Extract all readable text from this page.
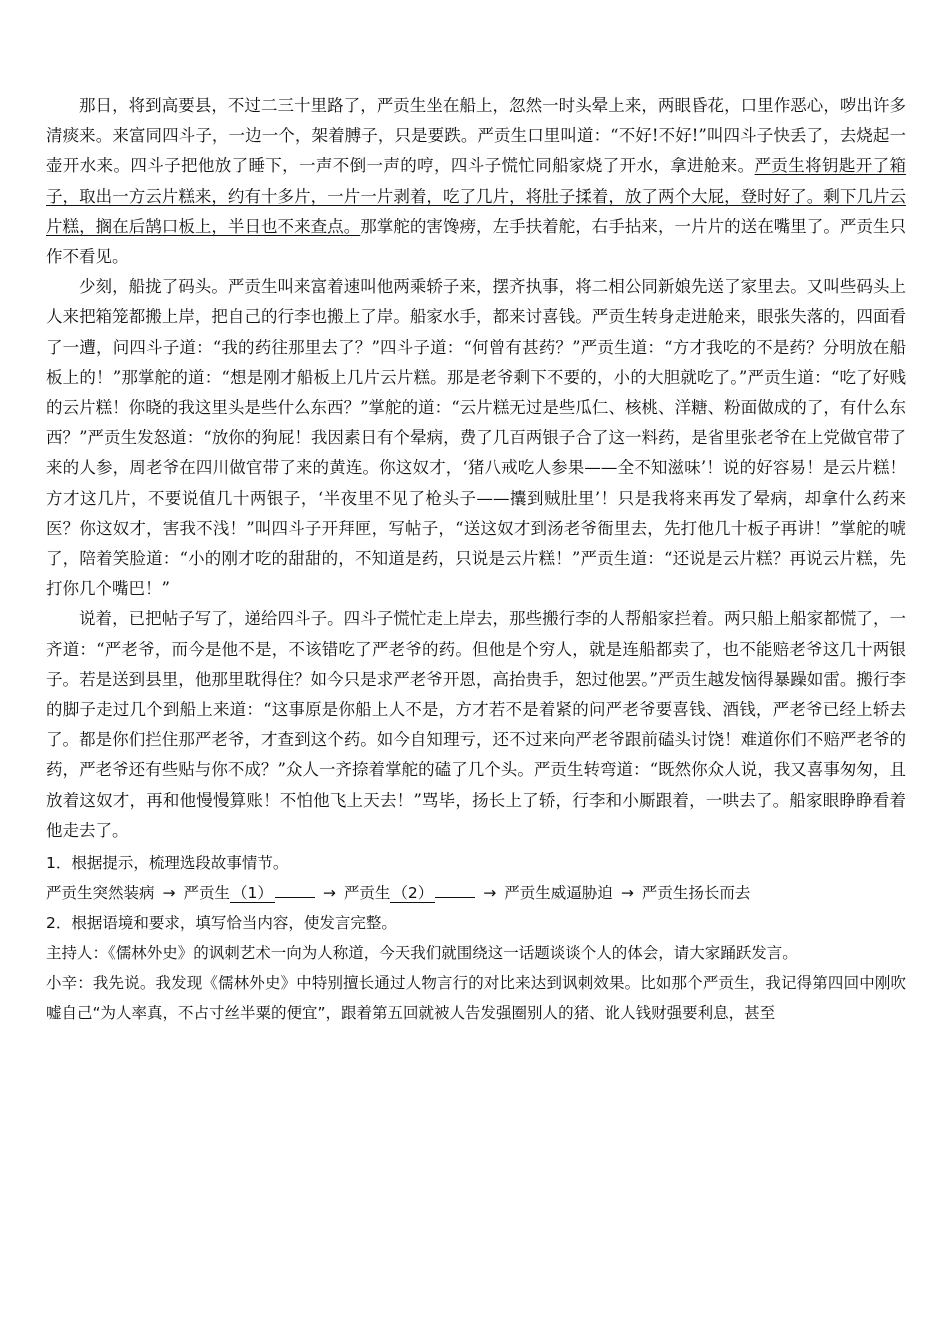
那日，将到高要县，不过二三十里路了，严贡生坐在船上，忽然一时头晕上来，两眼昏花，口里作恶心，哕出许多清痰来。来富同四斗子，一边一个，架着膊子，只是要跌。严贡生口里叫道：“不好!不好!”叫四斗子快丢了，去烧起一壶开水来。四斗子把他放了睡下，一声不倒一声的哼，四斗子慌忙同船家烧了开水，拿进舱来。严贡生将钥匙开了箱子，取出一方云片糕来，约有十多片，一片一片剥着，吃了几片，将肚子揉着，放了两个大屁，登时好了。剩下几片云片糕，搁在后鹄口板上，半日也不来查点。那掌舵的害馋痨，左手扶着舵，右手拈来，一片片的送在嘴里了。严贡生只作不看见。

少刻，船拢了码头。严贡生叫来富着速叫他两乘轿子来，摆齐执事，将二相公同新娘先送了家里去。又叫些码头上人来把箱笼都搬上岸，把自己的行李也搬上了岸。船家水手，都来讨喜钱。严贡生转身走进舱来，眼张失落的，四面看了一遭，问四斗子道：“我的药往那里去了？”四斗子道：“何曾有甚药？”严贡生道：“方才我吃的不是药？分明放在船板上的！”那掌舵的道：“想是刚才船板上几片云片糕。那是老爷剩下不要的，小的大胆就吃了。”严贡生道：“吃了好贱的云片糕！你晓的我这里头是些什么东西？”掌舵的道：“云片糕无过是些瓜仁、核桃、洋糖、粉面做成的了，有什么东西？”严贡生发怒道：“放你的狗屁！我因素日有个晕病，费了几百两银子合了这一料药，是省里张老爷在上党做官带了来的人参，周老爷在四川做官带了来的黄连。你这奴才，‘猪八戒吃人参果——全不知滋味’！说的好容易！是云片糕！方才这几片，不要说值几十两银子，‘半夜里不见了枪头子——攮到贼肚里’！只是我将来再发了晕病，却拿什么药来医？你这奴才，害我不浅！”叫四斗子开拜匣，写帖子，“送这奴才到汤老爷衙里去，先打他几十板子再讲！”掌舵的唬了，陪着笑脸道：“小的刚才吃的甜甜的，不知道是药，只说是云片糕！”严贡生道：“还说是云片糕？再说云片糕，先打你几个嘴巴！”

说着，已把帖子写了，递给四斗子。四斗子慌忙走上岸去，那些搬行李的人帮船家拦着。两只船上船家都慌了，一齐道：“严老爷，而今是他不是，不该错吃了严老爷的药。但他是个穷人，就是连船都卖了，也不能赔老爷这几十两银子。若是送到县里，他那里耽得住？如今只是求严老爷开恩，高抬贵手，恕过他罢。”严贡生越发恼得暴躁如雷。搬行李的脚子走过几个到船上来道：“这事原是你船上人不是，方才若不是着紧的问严老爷要喜钱、酒钱，严老爷已经上轿去了。都是你们拦住那严老爷，才查到这个药。如今自知理亏，还不过来向严老爷跟前磕头讨饶！难道你们不赔严老爷的药，严老爷还有些贴与你不成？”众人一齐捺着掌舵的磕了几个头。严贡生转弯道：“既然你众人说，我又喜事匆匆，且放着这奴才，再和他慢慢算账！不怕他飞上天去！”骂毕，扬长上了轿，行李和小厮跟着，一哄去了。船家眼睁睁看着他走去了。

1．根据提示，梳理选段故事情节。

严贡生突然装病 → 严贡生 （1）	→ 严贡生 （2）	→ 严贡生威逼胁迫 → 严贡生扬长而去

2．根据语境和要求，填写恰当内容，使发言完整。

主持人：《儒林外史》的讽刺艺术一向为人称道，今天我们就围绕这一话题谈谈个人的体会，请大家踊跃发言。

小辛：我先说。我发现《儒林外史》中特别擅长通过人物言行的对比来达到讽刺效果。比如那个严贡生，我记得第四回中刚吹嘘自己“为人率真，不占寸丝半粟的便宜”，跟着第五回就被人告发强圈别人的猪、讹人钱财强要利息，甚至
